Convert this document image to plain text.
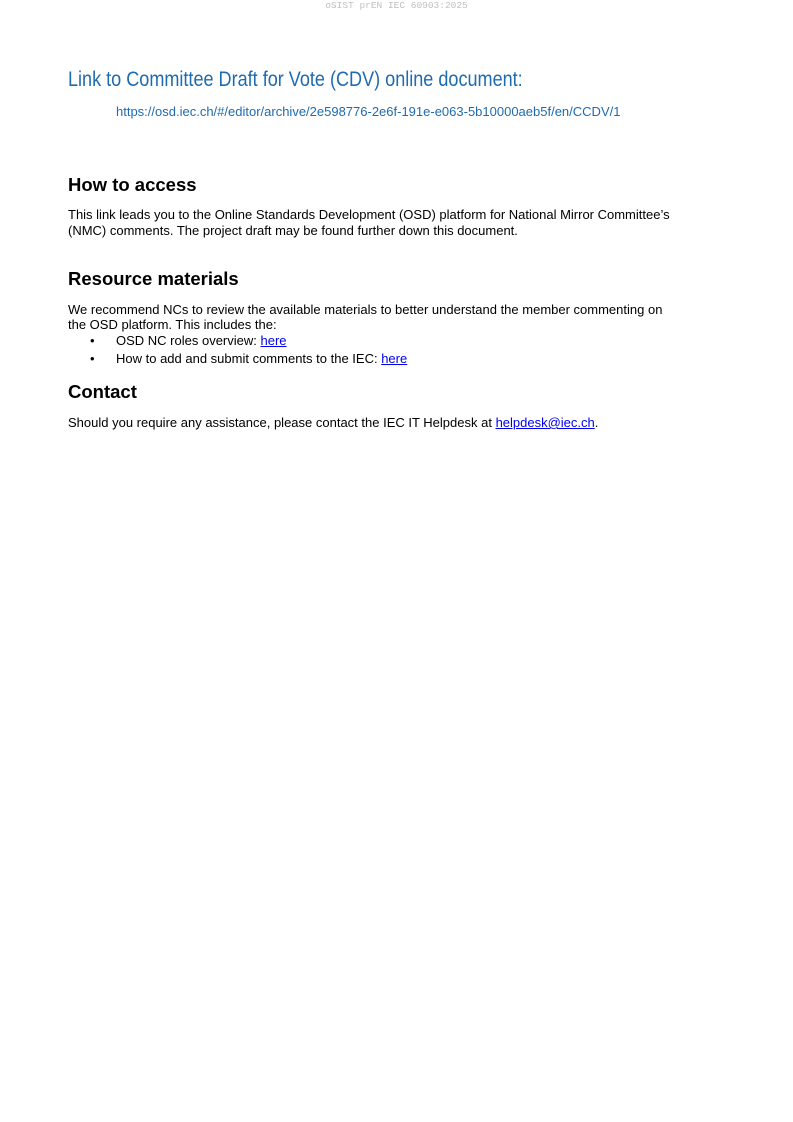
oSIST prEN IEC 60903:2025
Link to Committee Draft for Vote (CDV) online document:
https://osd.iec.ch/#/editor/archive/2e598776-2e6f-191e-e063-5b10000aeb5f/en/CCDV/1
How to access
This link leads you to the Online Standards Development (OSD) platform for National Mirror Committee’s
(NMC) comments. The project draft may be found further down this document.
Resource materials
We recommend NCs to review the available materials to better understand the member commenting on
the OSD platform. This includes the:
• OSD NC roles overview: here
• How to add and submit comments to the IEC: here
Contact
Should you require any assistance, please contact the IEC IT Helpdesk at helpdesk@iec.ch.
